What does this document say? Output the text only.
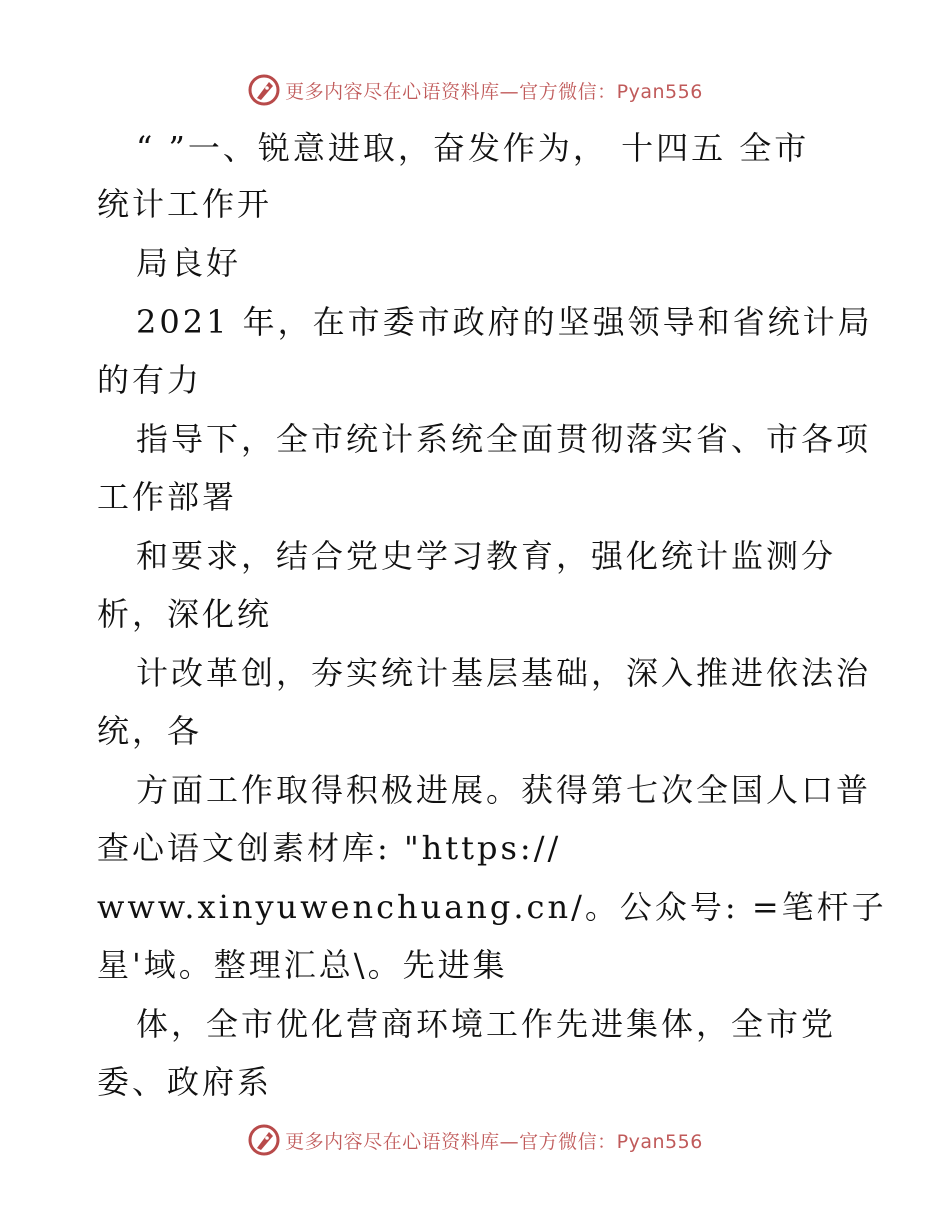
更多内容尽在心语资料库—官方微信：Pyan556
“ ”一、锐意进取，奋发作为， 十四五 全市
统计工作开
局良好
2021 年，在市委市政府的坚强领导和省统计局
的有力
指导下，全市统计系统全面贯彻落实省、市各项
工作部署
和要求，结合党史学习教育，强化统计监测分
析，深化统
计改革创，夯实统计基层基础，深入推进依法治
统，各
方面工作取得积极进展。获得第七次全国人口普
查心语文创素材库: "https://
www.xinyuwenchuang.cn/。公众号: =笔杆子
星'域。整理汇总\。先进集
体，全市优化营商环境工作先进集体，全市党
委、政府系
更多内容尽在心语资料库—官方微信：Pyan556
